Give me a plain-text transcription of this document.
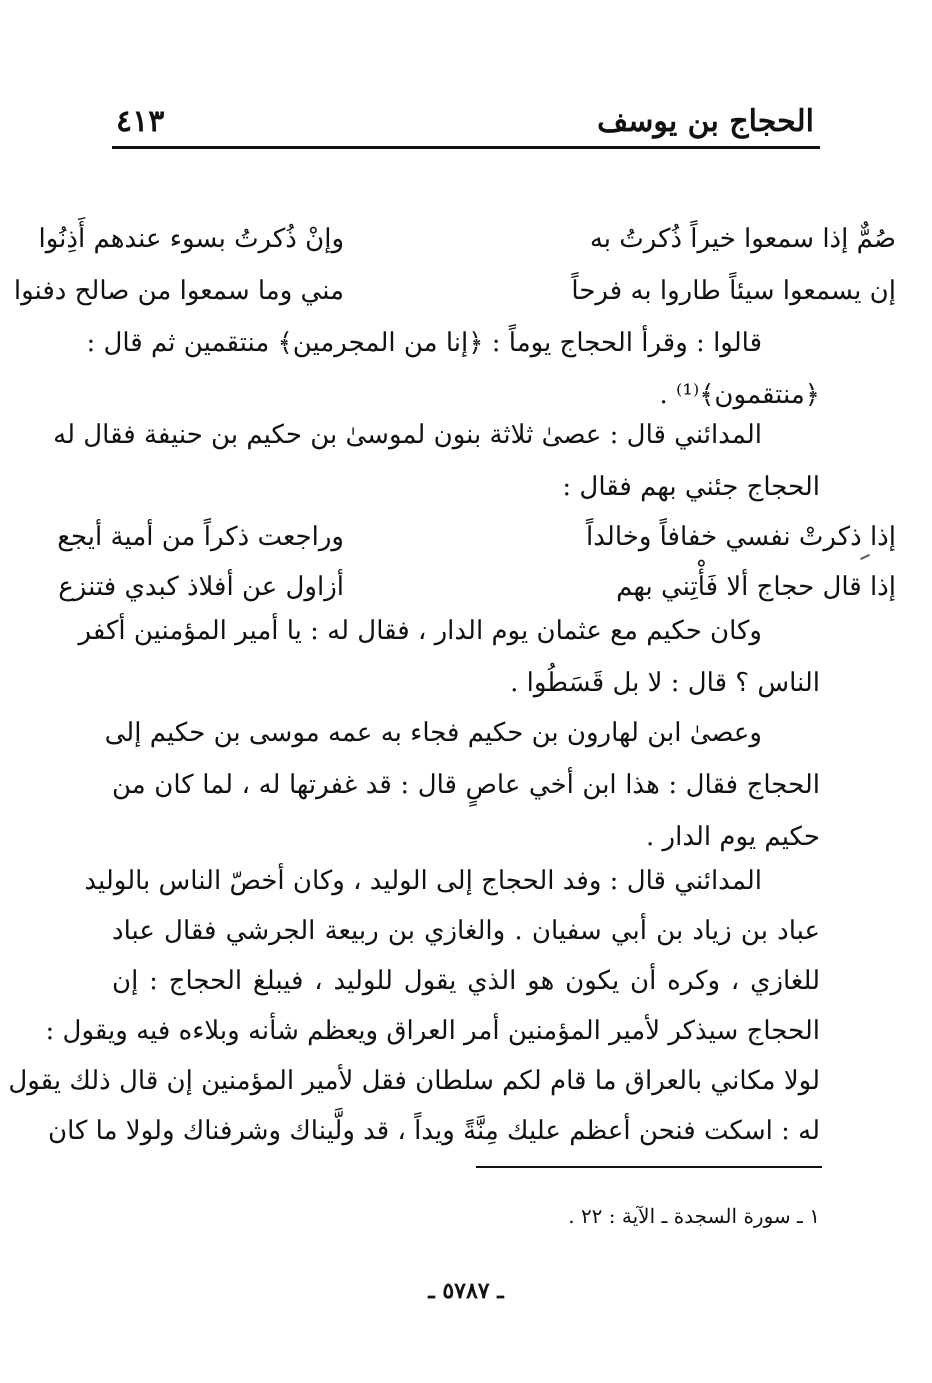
الحجاج بن يوسف
٤١٣
صُمٌّ إذا سمعوا خيراً ذُكرتُ به
وإنْ ذُكرتُ بسوء عندهم أَذِنُوا
إن يسمعوا سيئاً طاروا به فرحاً
مني وما سمعوا من صالح دفنوا
قالوا : وقرأ الحجاج يوماً : ﴿إنا من المجرمين﴾ منتقمين ثم قال :
﴿منتقمون﴾⁽¹⁾ .
المدائني قال : عصىٰ ثلاثة بنون لموسىٰ بن حكيم بن حنيفة فقال له
الحجاج جئني بهم فقال :
إذا ذكرتْ نفسي خفافاً وخالداً
وراجعت ذكراً من أمية أيجع
إذا قال حجاج ألا فَأْتِني بهم
أزاول عن أفلاذ كبدي فتنزع
وكان حكيم مع عثمان يوم الدار ، فقال له : يا أمير المؤمنين أكفر
الناس ؟ قال : لا بل قَسَطُوا .
وعصىٰ ابن لهارون بن حكيم فجاء به عمه موسى بن حكيم إلى
الحجاج فقال : هذا ابن أخي عاصٍ قال : قد غفرتها له ، لما كان من
حكيم يوم الدار .
المدائني قال : وفد الحجاج إلى الوليد ، وكان أخصّ الناس بالوليد
عباد بن زياد بن أبي سفيان . والغازي بن ربيعة الجرشي فقال عباد
للغازي ، وكره أن يكون هو الذي يقول للوليد ، فيبلغ الحجاج : إن
الحجاج سيذكر لأمير المؤمنين أمر العراق ويعظم شأنه وبلاءه فيه ويقول :
لولا مكاني بالعراق ما قام لكم سلطان فقل لأمير المؤمنين إن قال ذلك يقول
له : اسكت فنحن أعظم عليك مِنَّةً ويداً ، قد ولَّيناك وشرفناك ولولا ما كان
١ ـ سورة السجدة ـ الآية : ٢٢ .
ـ ٥٧٨٧ ـ
